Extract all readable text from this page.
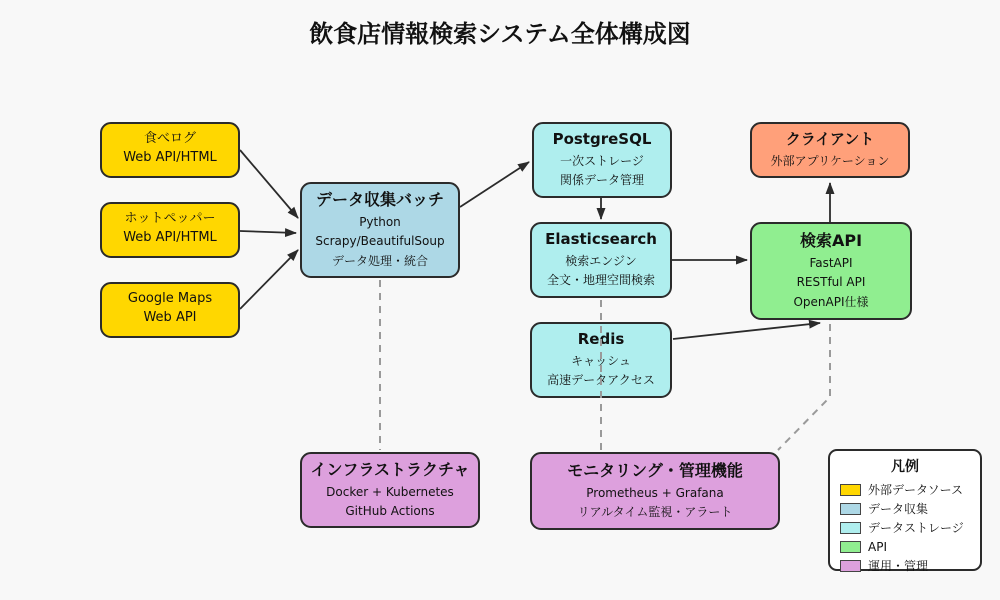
飲食店情報検索システム全体構成図
食べログ
Web API/HTML
ホットペッパー
Web API/HTML
Google Maps
Web API
データ収集バッチ
Python
Scrapy/BeautifulSoup
データ処理・統合
PostgreSQL
一次ストレージ
関係データ管理
Elasticsearch
検索エンジン
全文・地理空間検索
Redis
キャッシュ
高速データアクセス
検索API
FastAPI
RESTful API
OpenAPI仕様
クライアント
外部アプリケーション
インフラストラクチャ
Docker + Kubernetes
GitHub Actions
モニタリング・管理機能
Prometheus + Grafana
リアルタイム監視・アラート
凡例
外部データソース
データ収集
データストレージ
API
運用・管理
